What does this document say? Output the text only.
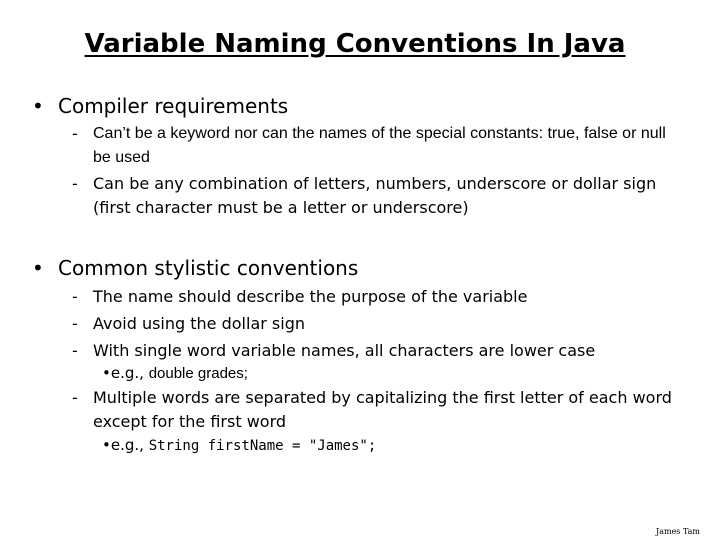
Variable Naming Conventions In Java
• Compiler requirements
- Can’t be a keyword nor can the names of the special constants: true, false or null be used
- Can be any combination of letters, numbers, underscore or dollar sign (first character must be a letter or underscore)
• Common stylistic conventions
- The name should describe the purpose of the variable
- Avoid using the dollar sign
- With single word variable names, all characters are lower case
•e.g., double grades;
- Multiple words are separated by capitalizing the first letter of each word except for the first word
•e.g., String firstName = "James";
James Tam
